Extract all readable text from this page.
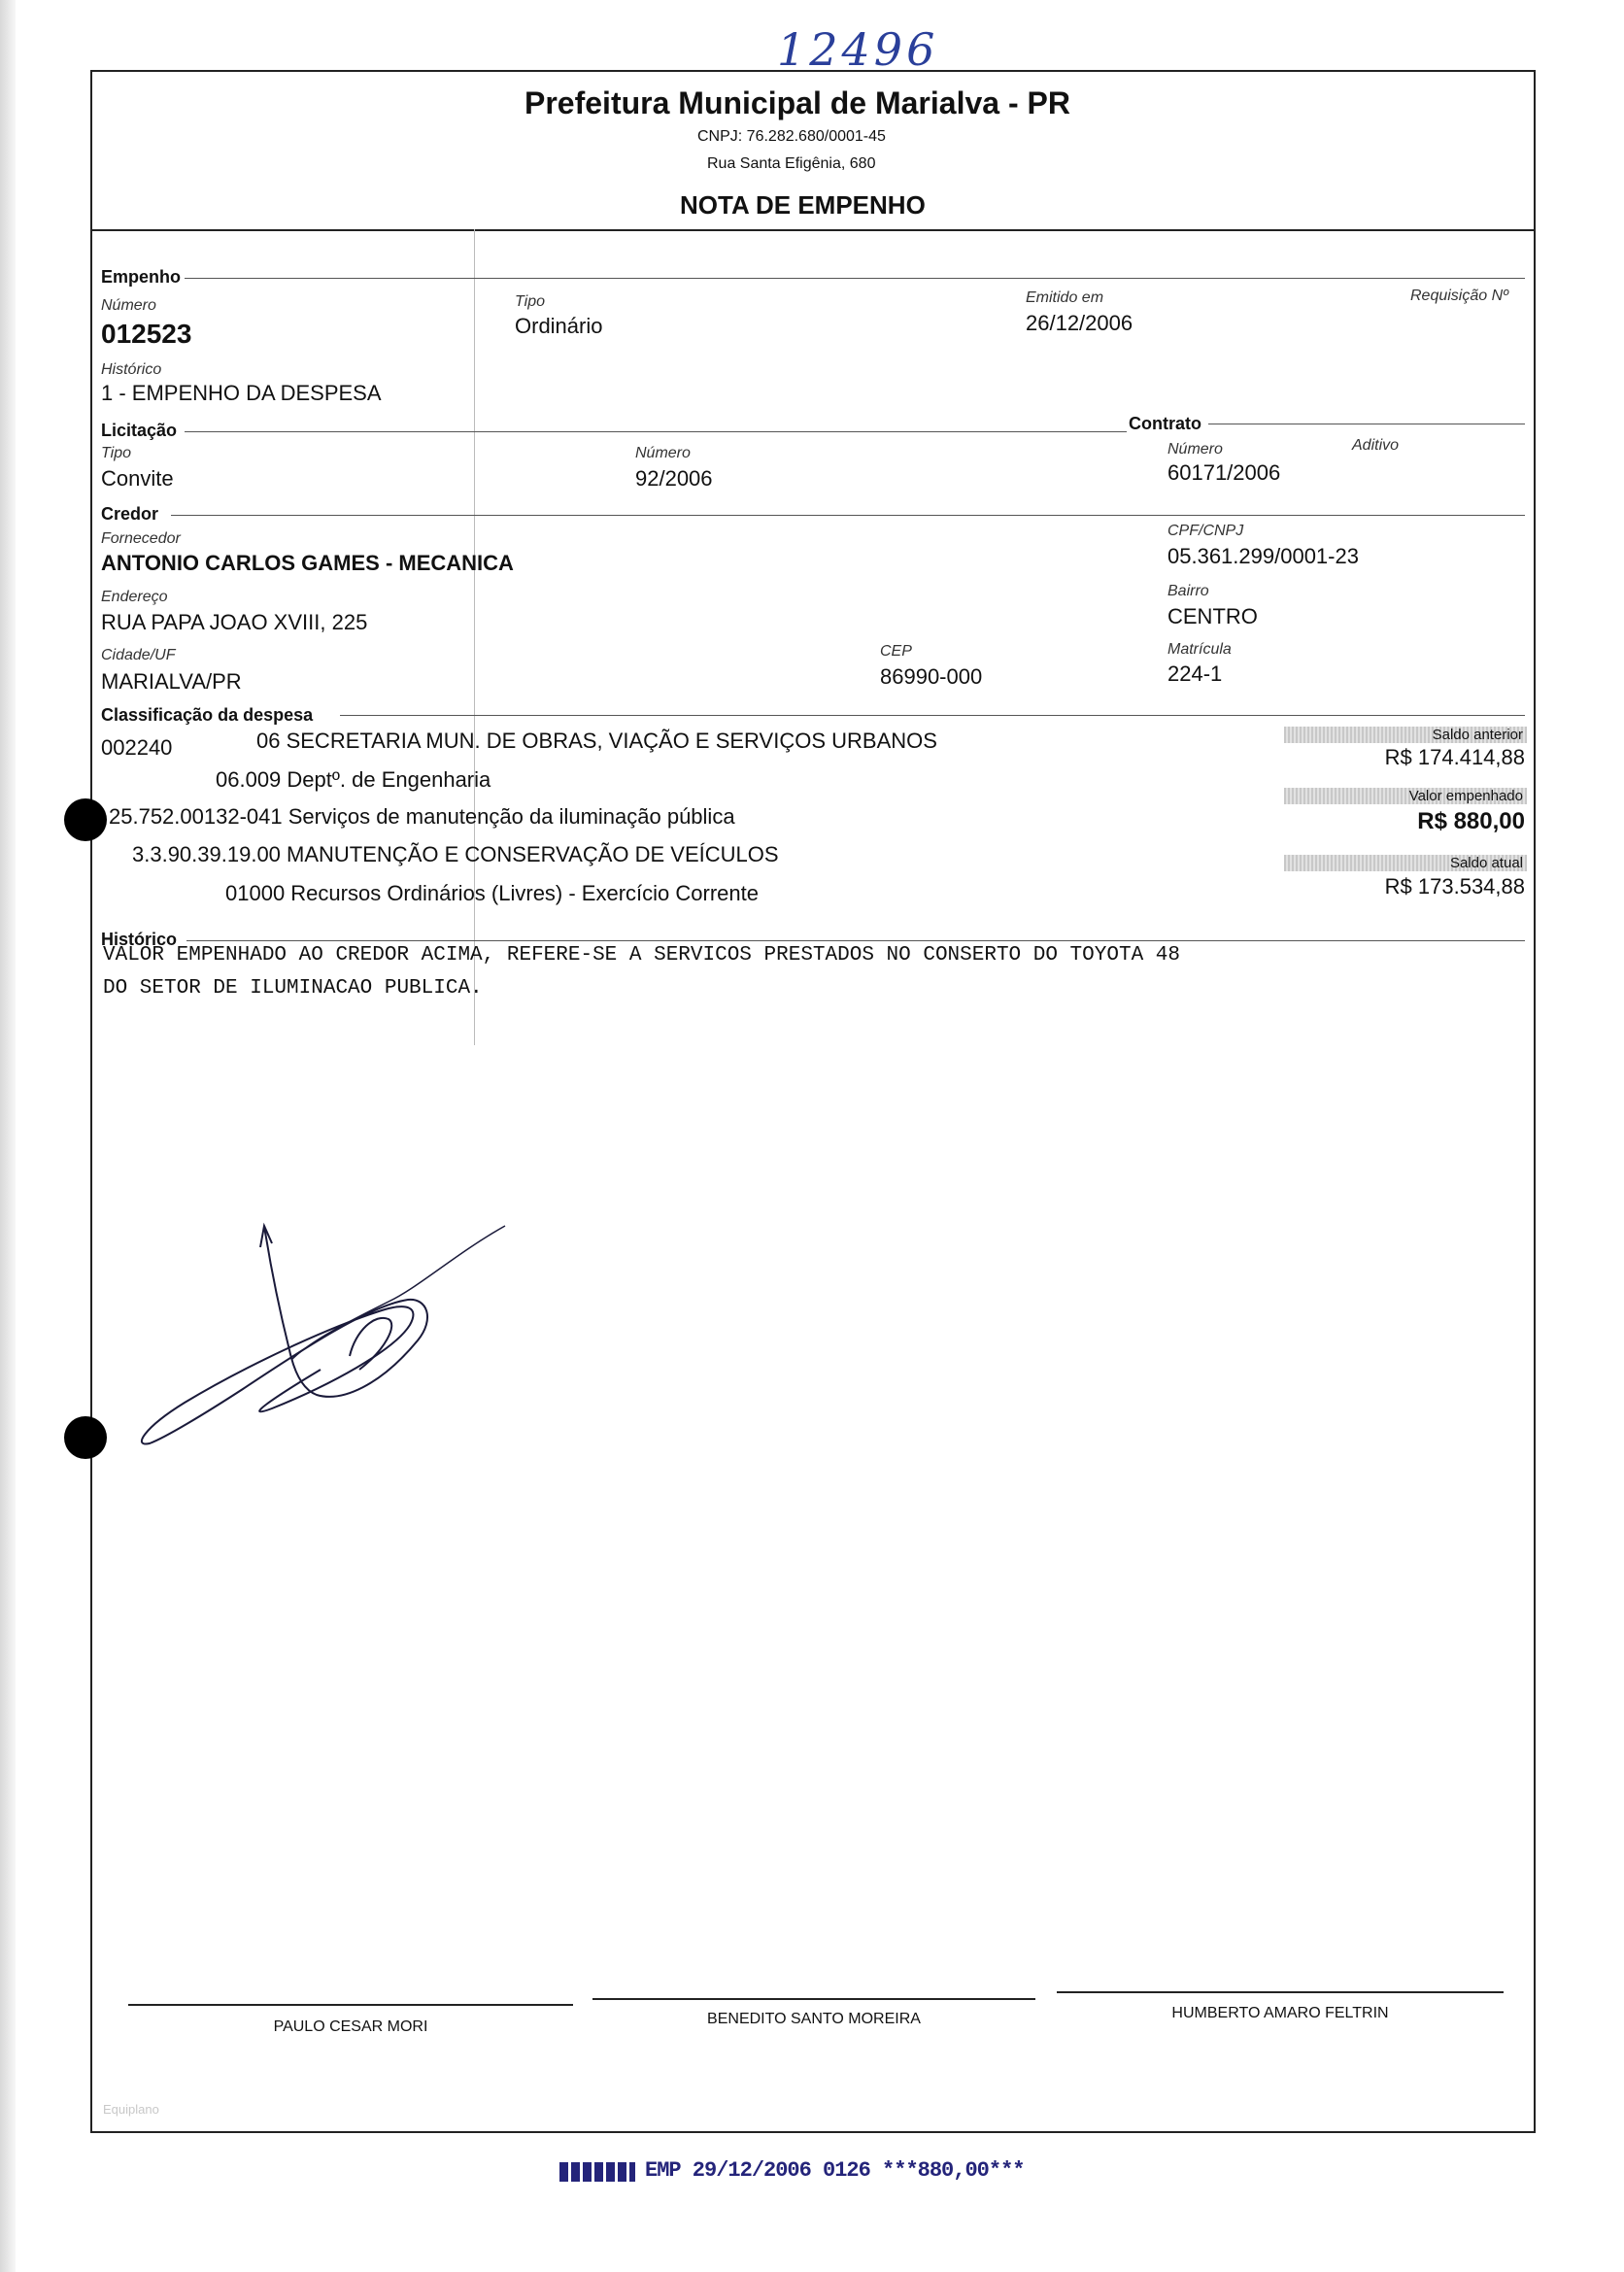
12496
Prefeitura Municipal de Marialva - PR
CNPJ: 76.282.680/0001-45
Rua Santa Efigênia, 680
NOTA DE EMPENHO
Empenho
Número
012523
Tipo
Ordinário
Emitido em
26/12/2006
Requisição Nº
Histórico
1 - EMPENHO DA DESPESA
Licitação	Contrato
Tipo
Convite
Número
92/2006
Número
60171/2006
Aditivo
Credor
Fornecedor
ANTONIO CARLOS GAMES - MECANICA
CPF/CNPJ
05.361.299/0001-23
Endereço
RUA PAPA JOAO XVIII, 225
Bairro
CENTRO
Cidade/UF
MARIALVA/PR
CEP
86990-000
Matrícula
224-1
Classificação da despesa
002240	06 SECRETARIA MUN. DE OBRAS, VIAÇÃO E SERVIÇOS URBANOS
06.009 Deptº. de Engenharia
25.752.00132-041 Serviços de manutenção da iluminação pública
3.3.90.39.19.00 MANUTENÇÃO E CONSERVAÇÃO DE VEÍCULOS
01000 Recursos Ordinários (Livres) - Exercício Corrente
Saldo anterior
R$ 174.414,88
Valor empenhado
R$ 880,00
Saldo atual
R$ 173.534,88
Histórico
VALOR EMPENHADO AO CREDOR ACIMA, REFERE-SE A SERVICOS PRESTADOS NO CONSERTO DO TOYOTA 48
DO SETOR DE ILUMINACAO PUBLICA.
PAULO CESAR MORI	BENEDITO SANTO MOREIRA	HUMBERTO AMARO FELTRIN
Equiplano
EMP 29/12/2006 0126 ***880,00***
